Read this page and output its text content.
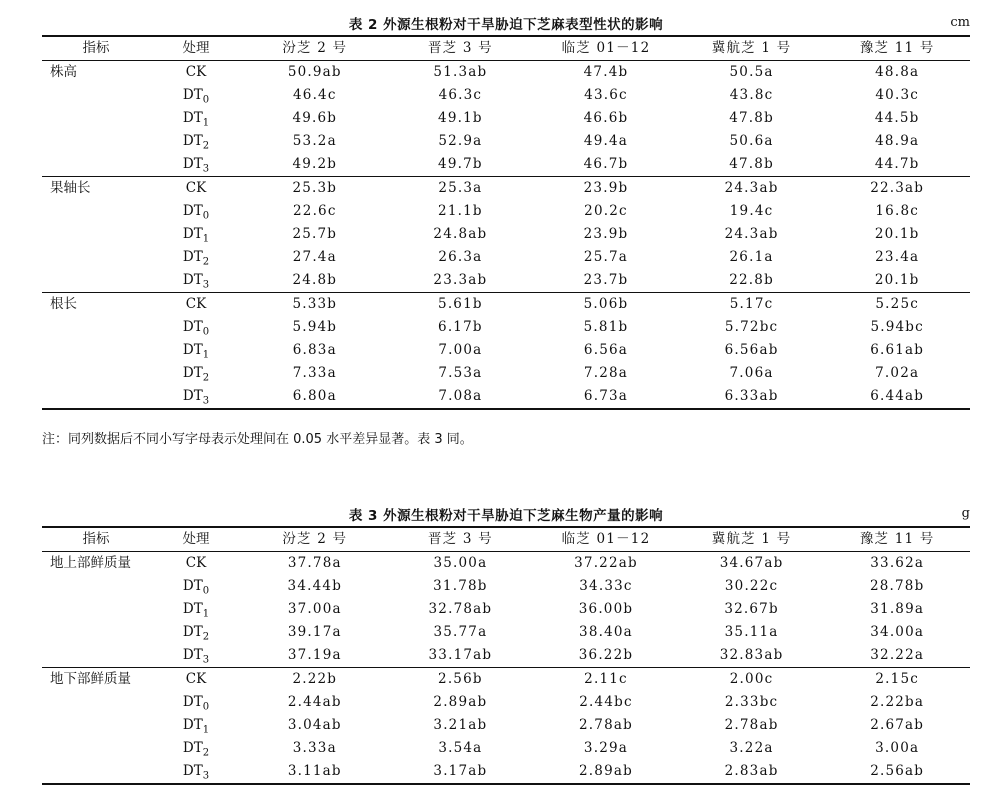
表 2 外源生根粉对干旱胁迫下芝麻表型性状的影响	cm
指标	处理	汾芝 2 号	晋芝 3 号	临芝 01－12	冀航芝 1 号	豫芝 11 号
株高	CK	50.9ab	51.3ab	47.4b	50.5a	48.8a
	$DT_0$	46.4c	46.3c	43.6c	43.8c	40.3c
	$DT_1$	49.6b	49.1b	46.6b	47.8b	44.5b
	$DT_2$	53.2a	52.9a	49.4a	50.6a	48.9a
	$DT_3$	49.2b	49.7b	46.7b	47.8b	44.7b
果轴长	CK	25.3b	25.3a	23.9b	24.3ab	22.3ab
	$DT_0$	22.6c	21.1b	20.2c	19.4c	16.8c
	$DT_1$	25.7b	24.8ab	23.9b	24.3ab	20.1b
	$DT_2$	27.4a	26.3a	25.7a	26.1a	23.4a
	$DT_3$	24.8b	23.3ab	23.7b	22.8b	20.1b
根长	CK	5.33b	5.61b	5.06b	5.17c	5.25c
	$DT_0$	5.94b	6.17b	5.81b	5.72bc	5.94bc
	$DT_1$	6.83a	7.00a	6.56a	6.56ab	6.61ab
	$DT_2$	7.33a	7.53a	7.28a	7.06a	7.02a
	$DT_3$	6.80a	7.08a	6.73a	6.33ab	6.44ab
注：同列数据后不同小写字母表示处理间在 0.05 水平差异显著。表 3 同。
表 3 外源生根粉对干旱胁迫下芝麻生物产量的影响	g
指标	处理	汾芝 2 号	晋芝 3 号	临芝 01－12	冀航芝 1 号	豫芝 11 号
地上部鲜质量	CK	37.78a	35.00a	37.22ab	34.67ab	33.62a
	$DT_0$	34.44b	31.78b	34.33c	30.22c	28.78b
	$DT_1$	37.00a	32.78ab	36.00b	32.67b	31.89a
	$DT_2$	39.17a	35.77a	38.40a	35.11a	34.00a
	$DT_3$	37.19a	33.17ab	36.22b	32.83ab	32.22a
地下部鲜质量	CK	2.22b	2.56b	2.11c	2.00c	2.15c
	$DT_0$	2.44ab	2.89ab	2.44bc	2.33bc	2.22ba
	$DT_1$	3.04ab	3.21ab	2.78ab	2.78ab	2.67ab
	$DT_2$	3.33a	3.54a	3.29a	3.22a	3.00a
	$DT_3$	3.11ab	3.17ab	2.89ab	2.83ab	2.56ab
